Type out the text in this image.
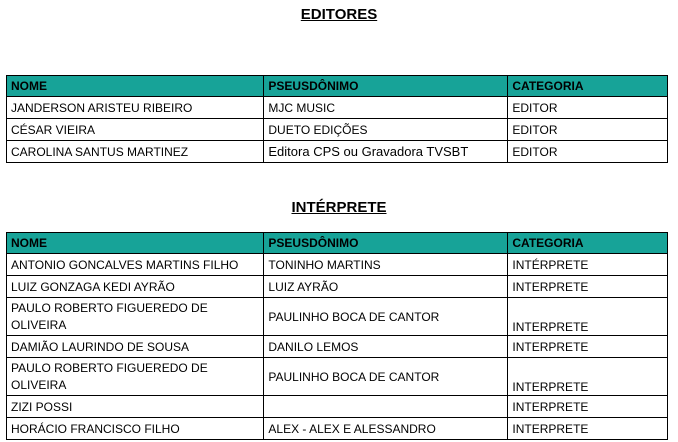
EDITORES
NOME	PSEUSDÔNIMO	CATEGORIA
JANDERSON ARISTEU RIBEIRO	MJC MUSIC	EDITOR
CÉSAR VIEIRA	DUETO EDIÇÕES	EDITOR
CAROLINA SANTUS MARTINEZ	Editora CPS ou Gravadora TVSBT	EDITOR
INTÉRPRETE
NOME	PSEUSDÔNIMO	CATEGORIA
ANTONIO GONCALVES MARTINS FILHO	TONINHO MARTINS	INTÉRPRETE
LUIZ GONZAGA KEDI AYRÃO	LUIZ AYRÃO	INTERPRETE
PAULO ROBERTO FIGUEREDO DE OLIVEIRA	PAULINHO BOCA DE CANTOR	INTERPRETE
DAMIÃO LAURINDO DE SOUSA	DANILO LEMOS	INTERPRETE
PAULO ROBERTO FIGUEREDO DE OLIVEIRA	PAULINHO BOCA DE CANTOR	INTERPRETE
ZIZI POSSI		INTERPRETE
HORÁCIO FRANCISCO FILHO	ALEX - ALEX E ALESSANDRO	INTERPRETE
